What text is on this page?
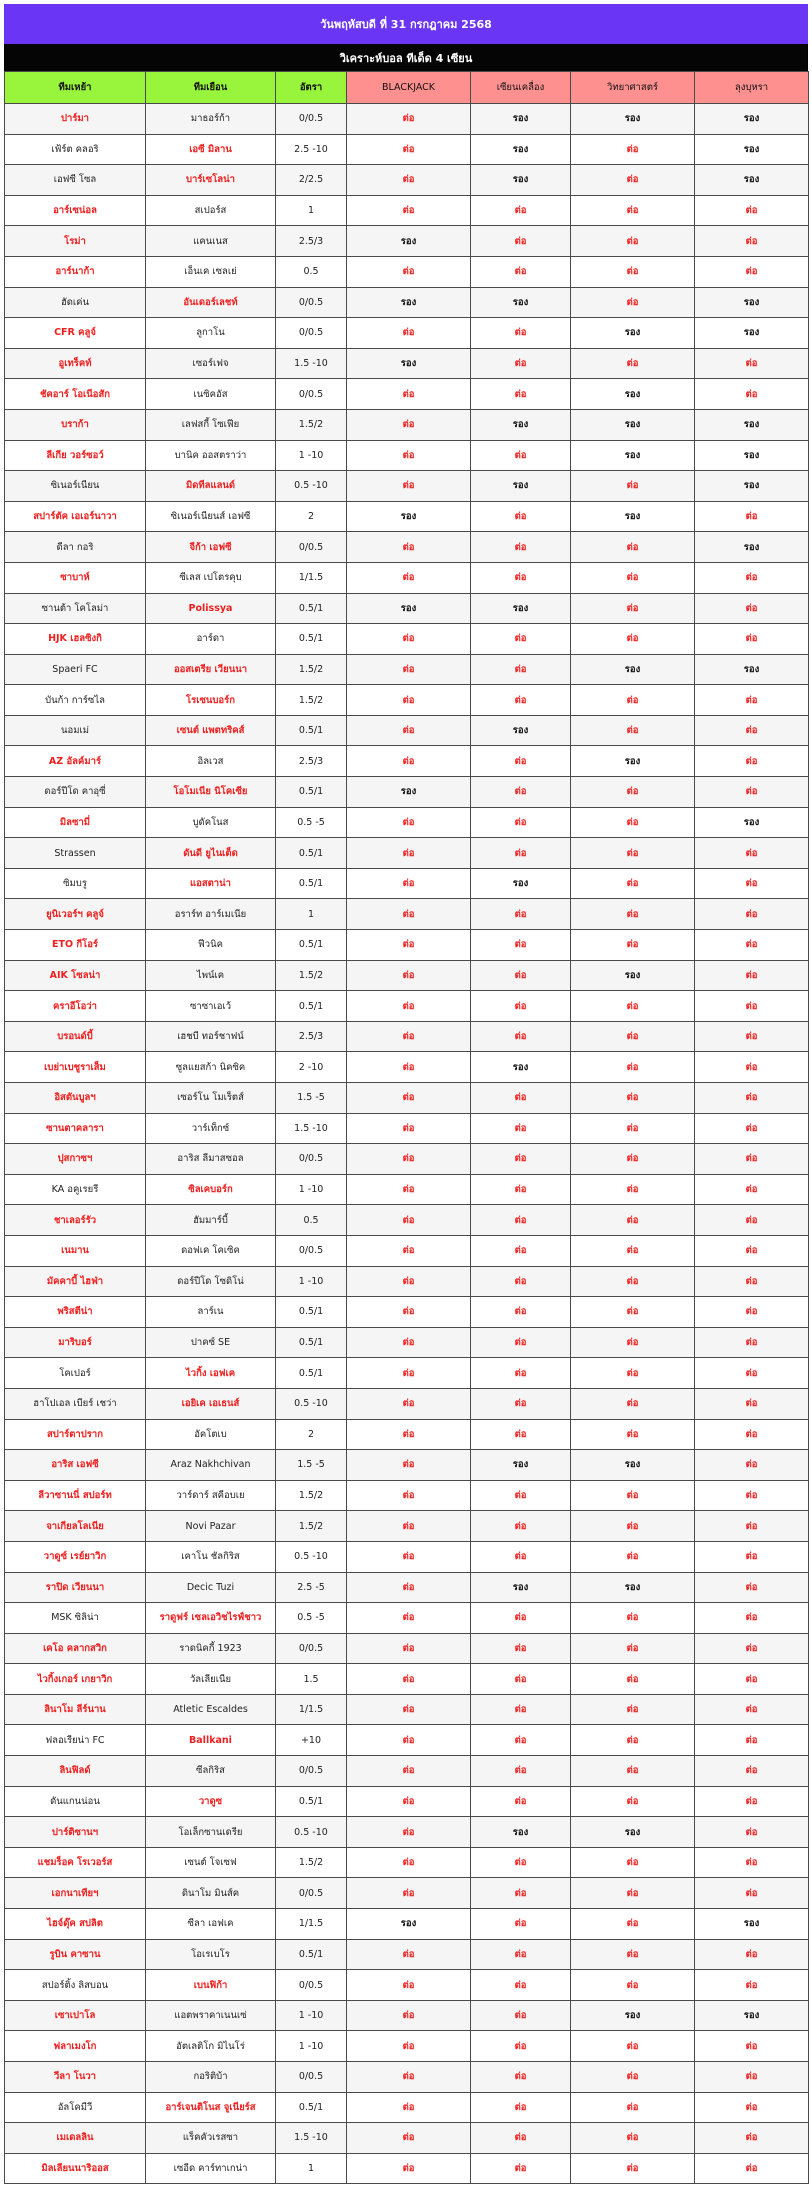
วันพฤหัสบดี ที่ 31 กรกฎาคม 2568
วิเคราะห์บอล ทีเด็ด 4 เซียน
ทีมเหย้า	ทีมเยือน	อัตรา	BLACKJACK	เซียนเคลื่อง	วิทยาศาสตร์	ลุงบุหรา
ปาร์มา	มาธอร์ก้า	0/0.5	ต่อ	รอง	รอง	รอง
เฟ้ร์ต คลอริ	เอซี มิลาน	2.5 -10	ต่อ	รอง	ต่อ	รอง
เอฟซี โซล	บาร์เซโลน่า	2/2.5	ต่อ	รอง	ต่อ	รอง
อาร์เซน่อล	สเปอร์ส	1	ต่อ	ต่อ	ต่อ	ต่อ
โรม่า	แคนเนส	2.5/3	รอง	ต่อ	ต่อ	ต่อ
อาร์นาก้า	เอ็นเค เซลเย่	0.5	ต่อ	ต่อ	ต่อ	ต่อ
ฮัดเค่น	อันเดอร์เลชท์	0/0.5	รอง	รอง	ต่อ	รอง
CFR คลูจ์	ลูกาโน	0/0.5	ต่อ	ต่อ	รอง	รอง
อูเทร็คท์	เซอร์เฟจ	1.5 -10	รอง	ต่อ	ต่อ	ต่อ
ชัคอาร์ โอเนีอสัก	เนซิคอัส	0/0.5	ต่อ	ต่อ	รอง	ต่อ
บราก้า	เลฟสกี้ โซเฟีย	1.5/2	ต่อ	รอง	รอง	รอง
ลีเกีย วอร์ซอว์	บานิค ออสตราว่า	1 -10	ต่อ	ต่อ	รอง	รอง
ซิเนอร์เนียน	มิดทีลแลนด์	0.5 -10	ต่อ	รอง	ต่อ	รอง
สปาร์ตัค เอเอร์นาวา	ซิเนอร์เนียนส์ เอฟซี	2	รอง	ต่อ	รอง	ต่อ
ดีลา กอริ	จีก้า เอฟซี	0/0.5	ต่อ	ต่อ	ต่อ	รอง
ซาบาห์	ซีเลส เปโตรคุบ	1/1.5	ต่อ	ต่อ	ต่อ	ต่อ
ซานต้า โคโลม่า	Polissya	0.5/1	รอง	รอง	ต่อ	ต่อ
HJK เฮลซิงกิ	อาร์ดา	0.5/1	ต่อ	ต่อ	ต่อ	ต่อ
Spaeri FC	ออสเตรีย เวียนนา	1.5/2	ต่อ	ต่อ	รอง	รอง
บันก้า การ์ซไล	โรเซนบอร์ก	1.5/2	ต่อ	ต่อ	ต่อ	ต่อ
นอมเม่	เซนต์ แพตทริคส์	0.5/1	ต่อ	รอง	ต่อ	ต่อ
AZ อัลค์มาร์	อิลเวส	2.5/3	ต่อ	ต่อ	รอง	ต่อ
ดอร์ปีโด คาอุซี่	โอโมเนีย นิโคเซีย	0.5/1	รอง	ต่อ	ต่อ	ต่อ
มิลซามี่	บูดัคโนส	0.5 -5	ต่อ	ต่อ	ต่อ	รอง
Strassen	ดันดี ยูไนเต็ด	0.5/1	ต่อ	ต่อ	ต่อ	ต่อ
ซิมบรู	แอสตาน่า	0.5/1	ต่อ	รอง	ต่อ	ต่อ
ยูนิเวอร์ฯ คลูจ์	อราร์ท อาร์เมเนีย	1	ต่อ	ต่อ	ต่อ	ต่อ
ETO กีโอร์	ฟีวนิค	0.5/1	ต่อ	ต่อ	ต่อ	ต่อ
AIK โซลน่า	ไพน์เค	1.5/2	ต่อ	ต่อ	รอง	ต่อ
คราอีโอว่า	ซาซาเอเว้	0.5/1	ต่อ	ต่อ	ต่อ	ต่อ
บรอนด์บี้	เฮชบี ทอร์ชาฟน์	2.5/3	ต่อ	ต่อ	ต่อ	ต่อ
เบย่าเบชูราเส็ม	ซูลแยสก้า นิคซิค	2 -10	ต่อ	รอง	ต่อ	ต่อ
อิสตันบูลฯ	เซอร์โน โมเร็ตส์	1.5 -5	ต่อ	ต่อ	ต่อ	ต่อ
ซานตาคลารา	วาร์เท็กซ์	1.5 -10	ต่อ	ต่อ	ต่อ	ต่อ
ปุสกาซฯ	อาริส ลีมาสซอล	0/0.5	ต่อ	ต่อ	ต่อ	ต่อ
KA อคูเรยรี	ซิลเคบอร์ก	1 -10	ต่อ	ต่อ	ต่อ	ต่อ
ชาเลอร์รัว	ฮัมมาร์บี้	0.5	ต่อ	ต่อ	ต่อ	ต่อ
เนมาน	ดอฟเค โคเซิค	0/0.5	ต่อ	ต่อ	ต่อ	ต่อ
มัคคาบี้ ไฮฟ่า	ดอร์ปีโด โซดิโน่	1 -10	ต่อ	ต่อ	ต่อ	ต่อ
พริสตีน่า	ลาร์เน	0.5/1	ต่อ	ต่อ	ต่อ	ต่อ
มาริบอร์	ปาคซ์ SE	0.5/1	ต่อ	ต่อ	ต่อ	ต่อ
โคเปอร์	ไวกิ้ง เอฟเค	0.5/1	ต่อ	ต่อ	ต่อ	ต่อ
ฮาโปเอล เบียร์ เชว่า	เอยิเค เอเธนส์	0.5 -10	ต่อ	ต่อ	ต่อ	ต่อ
สปาร์ตาปราก	อัคโตเบ	2	ต่อ	ต่อ	ต่อ	ต่อ
อาริส เอฟซี	Araz Nakhchivan	1.5 -5	ต่อ	รอง	รอง	ต่อ
ลีวาซานนี่ สปอร์ท	วาร์ดาร์ สคีอบเย	1.5/2	ต่อ	ต่อ	ต่อ	ต่อ
จาเกียลโลเนีย	Novi Pazar	1.5/2	ต่อ	ต่อ	ต่อ	ต่อ
วาดูซ์ เรย์ยาวิก	เคาโน ชัลกิริส	0.5 -10	ต่อ	ต่อ	ต่อ	ต่อ
ราปิด เวียนนา	Decic Tuzi	2.5 -5	ต่อ	รอง	รอง	ต่อ
MSK ซิลิน่า	ราดูฟร์ เซลเอวิชไรฟ์ชาว	0.5 -5	ต่อ	ต่อ	ต่อ	ต่อ
เคโอ คลากสวิก	ราดนิคกี้ 1923	0/0.5	ต่อ	ต่อ	ต่อ	ต่อ
ไวกิ้งเกอร์ เกยาวิก	วัลเลียเนีย	1.5	ต่อ	ต่อ	ต่อ	ต่อ
ลินาโม ลีร์นาน	Atletic Escaldes	1/1.5	ต่อ	ต่อ	ต่อ	ต่อ
ฟลอเรียน่า FC	Ballkani	+10	ต่อ	ต่อ	ต่อ	ต่อ
ลินฟิลด์	ซีลกิริส	0/0.5	ต่อ	ต่อ	ต่อ	ต่อ
ดันแกนน่อน	วาดูซ	0.5/1	ต่อ	ต่อ	ต่อ	ต่อ
ปาร์ติซานฯ	โอเล็กซานเดรีย	0.5 -10	ต่อ	รอง	รอง	ต่อ
แชมร็อค โรเวอร์ส	เซนต์ โจเซฟ	1.5/2	ต่อ	ต่อ	ต่อ	ต่อ
เอกนาเทียฯ	ดินาโม มินส์ค	0/0.5	ต่อ	ต่อ	ต่อ	ต่อ
ไฮจ์ดุ๊ค สปลิต	ซีลา เอฟเค	1/1.5	รอง	ต่อ	ต่อ	รอง
รูบิน คาซาน	โอเรเบโร	0.5/1	ต่อ	ต่อ	ต่อ	ต่อ
สปอร์ติ้ง ลิสบอน	เบนฟิก้า	0/0.5	ต่อ	ต่อ	ต่อ	ต่อ
เซาเปาโล	แอตพราคาเนนเซ่	1 -10	ต่อ	ต่อ	รอง	รอง
ฟลาเมงโก	อัตเลติโก มิไนโร่	1 -10	ต่อ	ต่อ	ต่อ	ต่อ
วีลา โนวา	กอริติบ้า	0/0.5	ต่อ	ต่อ	ต่อ	ต่อ
อัลโคมีวี	อาร์เจนติโนส จูเนียร์ส	0.5/1	ต่อ	ต่อ	ต่อ	ต่อ
เมเดลลิน	แร็คคัวเรสซา	1.5 -10	ต่อ	ต่อ	ต่อ	ต่อ
มิลเลียนนาริออส	เซอีด คาร์ทาเกน่า	1	ต่อ	ต่อ	ต่อ	ต่อ
